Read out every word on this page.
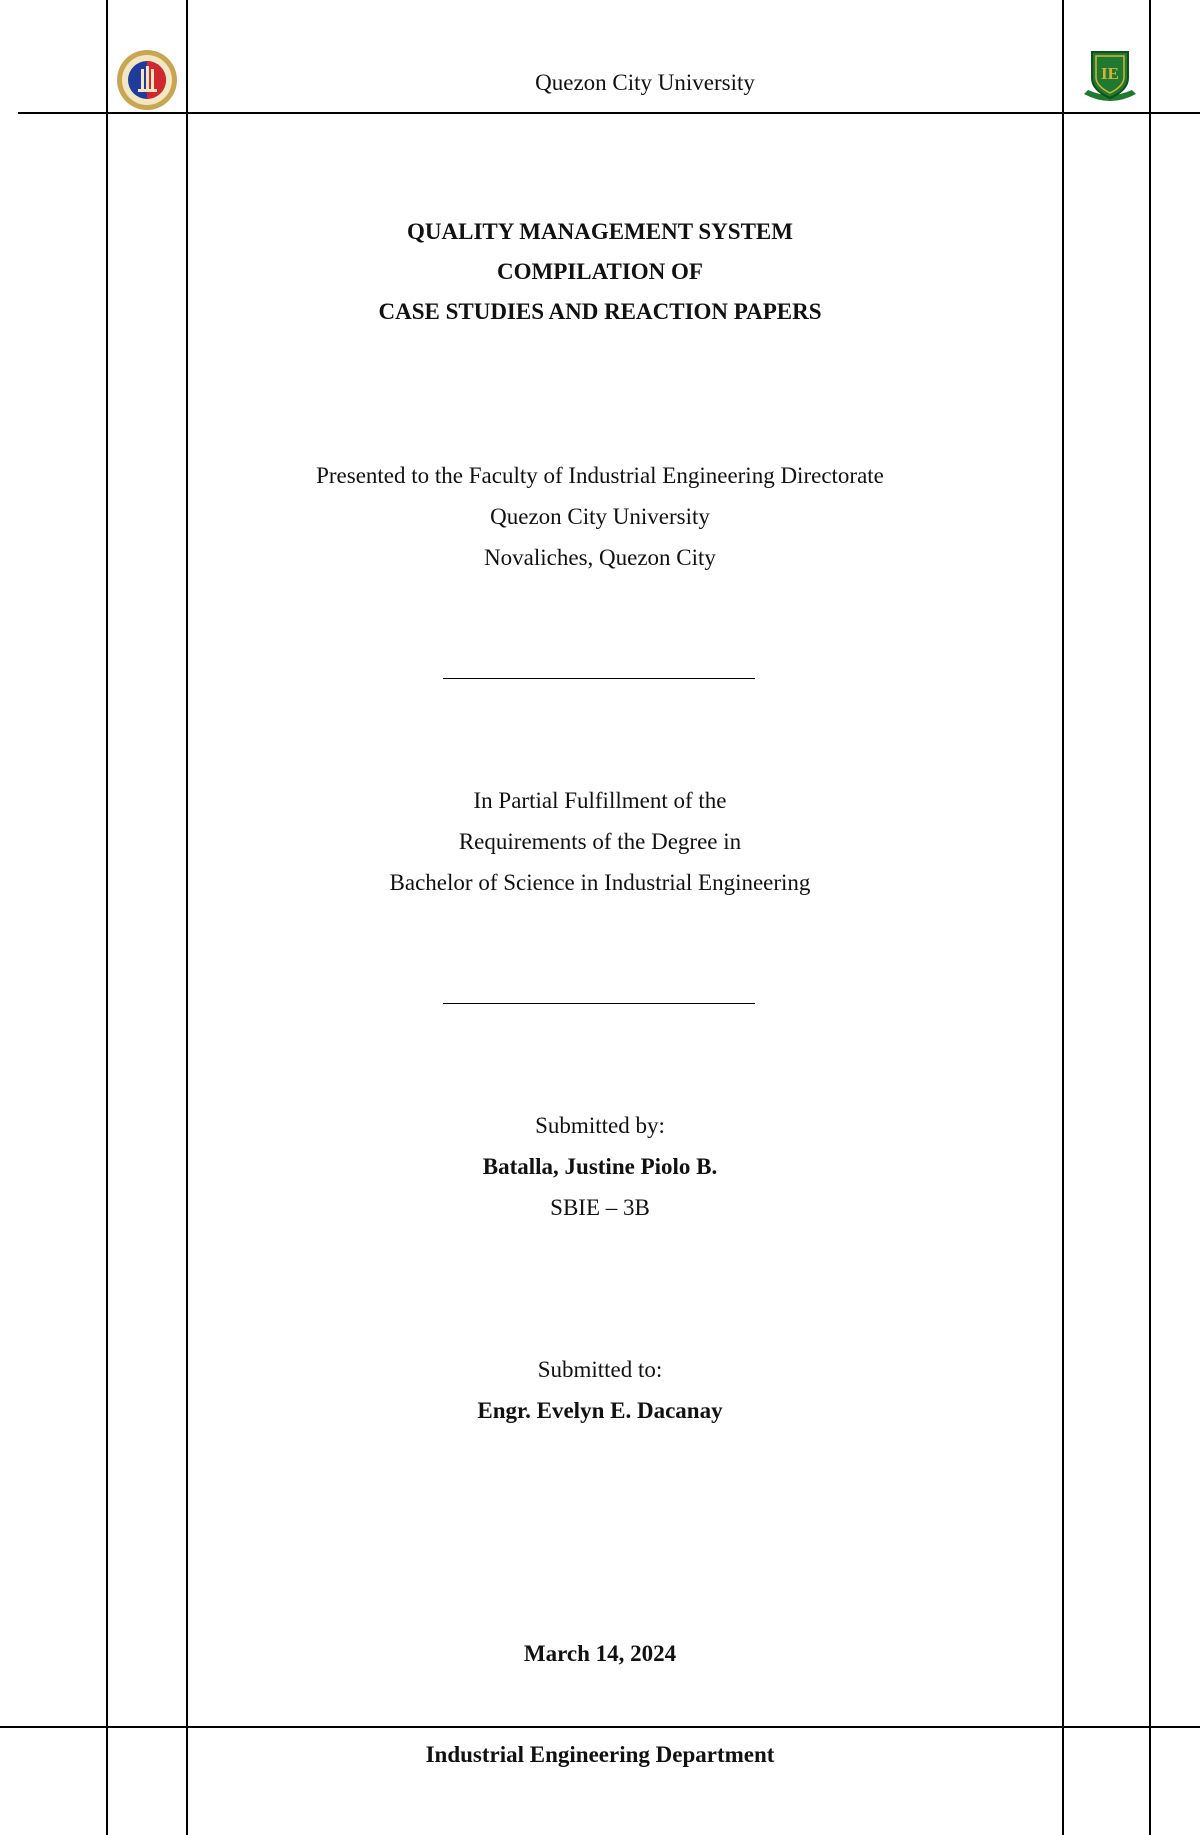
Quezon City University	IE

QUALITY MANAGEMENT SYSTEM

COMPILATION OF

CASE STUDIES AND REACTION PAPERS

Presented to the Faculty of Industrial Engineering Directorate

Quezon City University

Novaliches, Quezon City

In Partial Fulfillment of the

Requirements of the Degree in

Bachelor of Science in Industrial Engineering

Submitted by:

Batalla, Justine Piolo B.

SBIE – 3B

Submitted to:

Engr. Evelyn E. Dacanay

March 14, 2024

Industrial Engineering Department
